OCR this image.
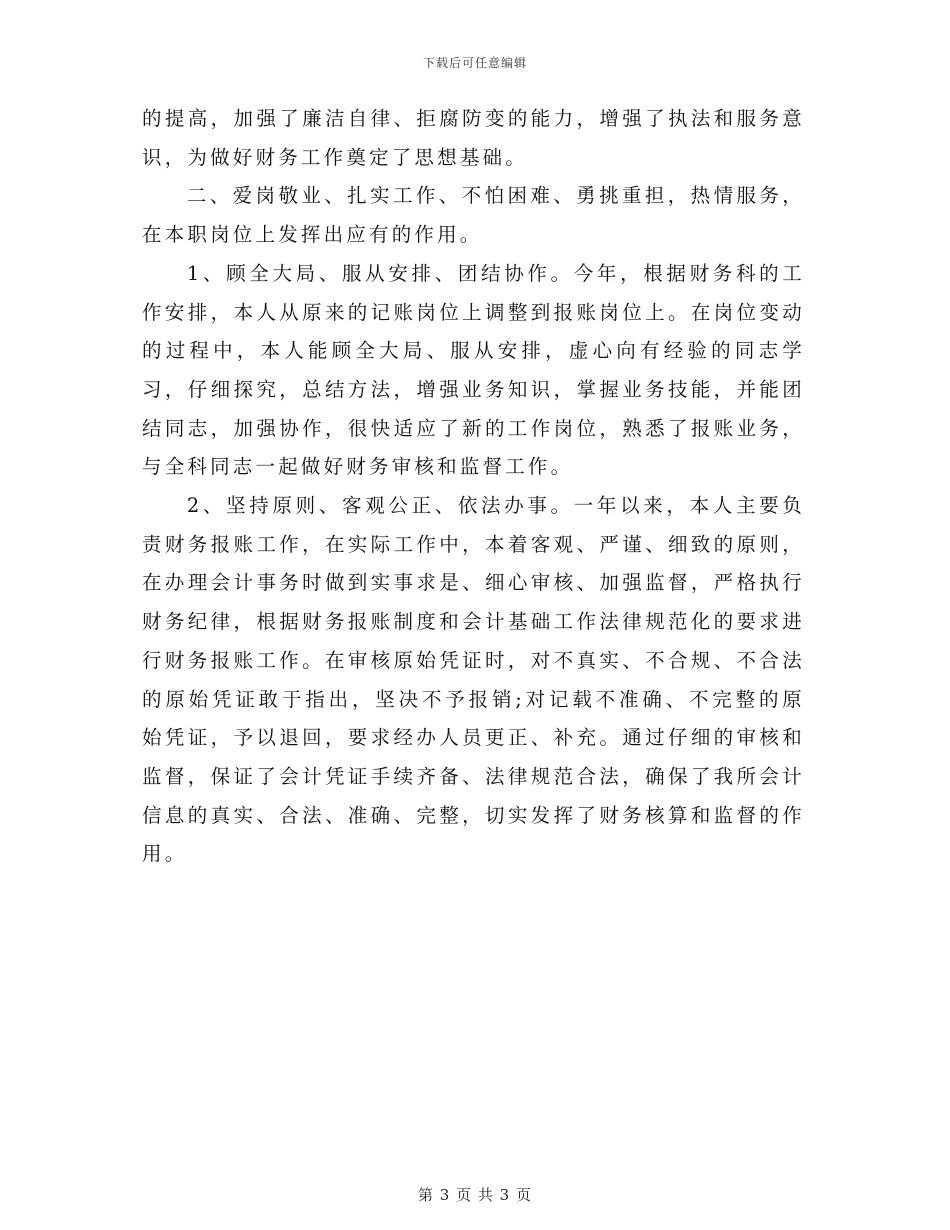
下载后可任意编辑

的提高，加强了廉洁自律、拒腐防变的能力，增强了执法和服务意识，为做好财务工作奠定了思想基础。

二、爱岗敬业、扎实工作、不怕困难、勇挑重担，热情服务，在本职岗位上发挥出应有的作用。

1、顾全大局、服从安排、团结协作。今年，根据财务科的工作安排，本人从原来的记账岗位上调整到报账岗位上。在岗位变动的过程中，本人能顾全大局、服从安排，虚心向有经验的同志学习，仔细探究，总结方法，增强业务知识，掌握业务技能，并能团结同志，加强协作，很快适应了新的工作岗位，熟悉了报账业务，与全科同志一起做好财务审核和监督工作。

2、坚持原则、客观公正、依法办事。一年以来，本人主要负责财务报账工作，在实际工作中，本着客观、严谨、细致的原则，在办理会计事务时做到实事求是、细心审核、加强监督，严格执行财务纪律，根据财务报账制度和会计基础工作法律规范化的要求进行财务报账工作。在审核原始凭证时，对不真实、不合规、不合法的原始凭证敢于指出，坚决不予报销;对记载不准确、不完整的原始凭证，予以退回，要求经办人员更正、补充。通过仔细的审核和监督，保证了会计凭证手续齐备、法律规范合法，确保了我所会计信息的真实、合法、准确、完整，切实发挥了财务核算和监督的作用。

第 3 页 共 3 页
